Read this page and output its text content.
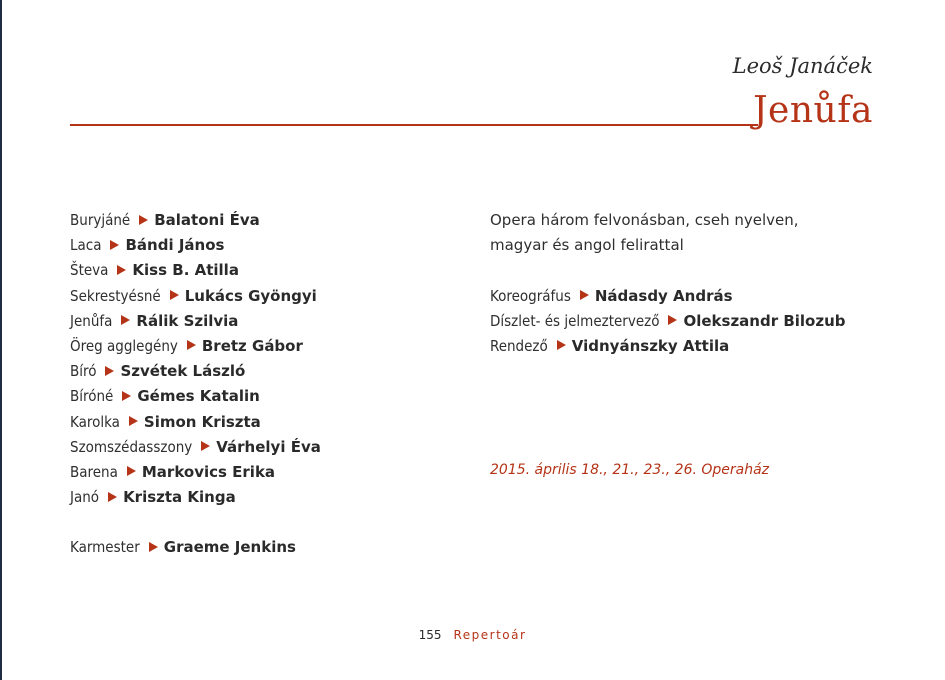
Leoš Janáček
Jenůfa
Buryjáné Balatoni Éva
Laca Bándi János
Števa Kiss B. Atilla
Sekrestyésné Lukács Gyöngyi
Jenůfa Rálik Szilvia
Öreg agglegény Bretz Gábor
Bíró Szvétek László
Bíróné Gémes Katalin
Karolka Simon Kriszta
Szomszédasszony Várhelyi Éva
Barena Markovics Erika
Janó Kriszta Kinga
Karmester Graeme Jenkins
Opera három felvonásban, cseh nyelven,
magyar és angol felirattal
Koreográfus Nádasdy András
Díszlet- és jelmeztervező Olekszandr Bilozub
Rendező Vidnyánszky Attila
2015. április 18., 21., 23., 26. Operaház
155 Repertoár
